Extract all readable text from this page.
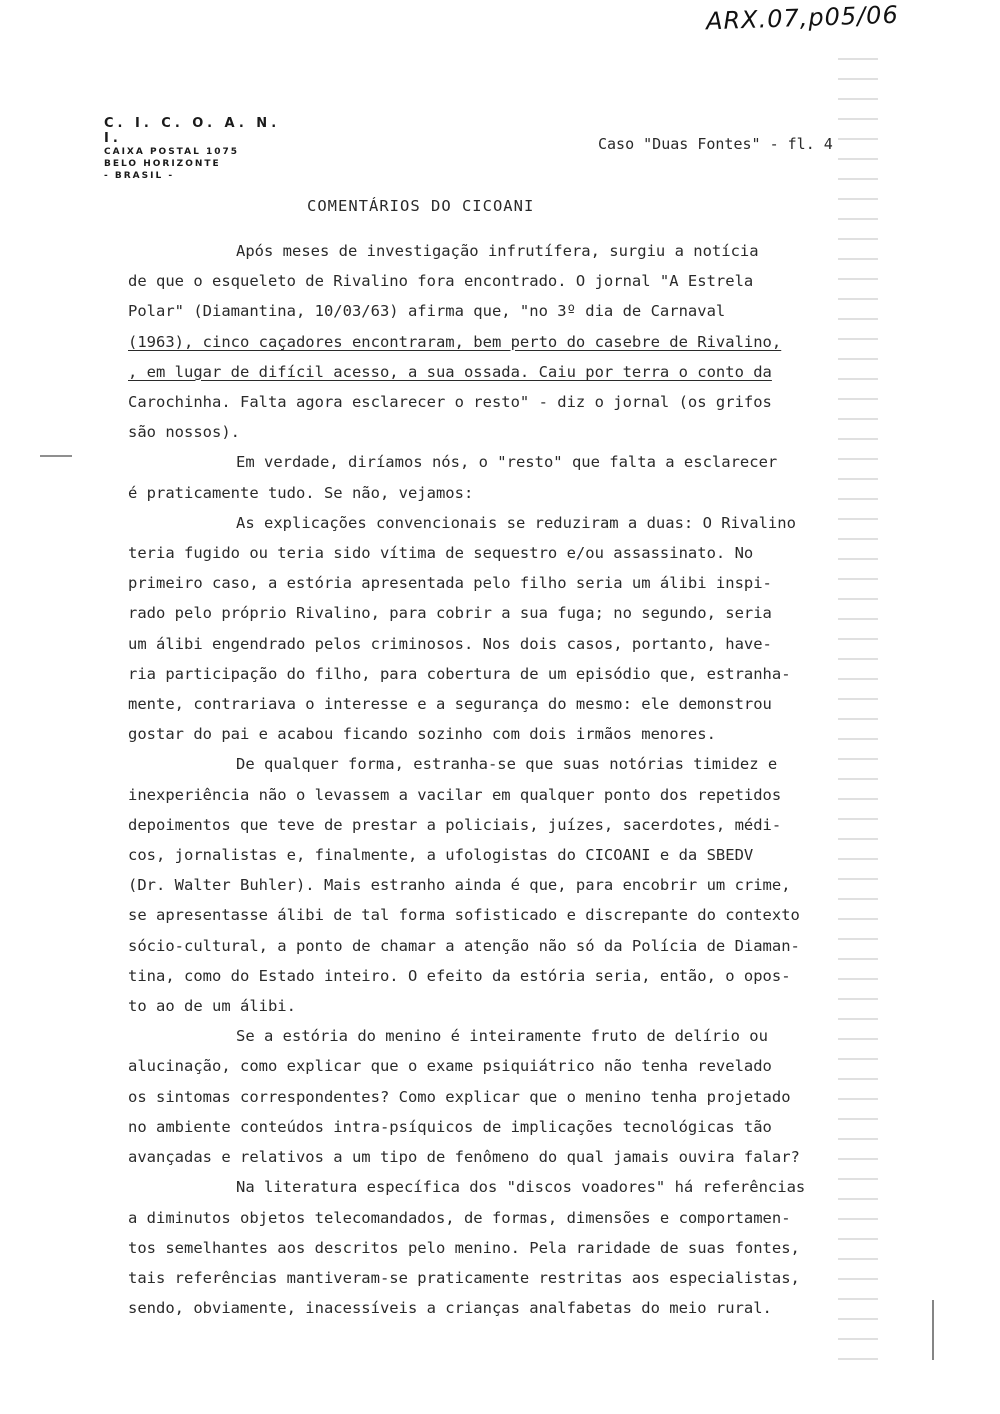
ARX.07,p05/06
C. I. C. O. A. N. I.
CAIXA POSTAL 1075
BELO HORIZONTE
- BRASIL -
Caso "Duas Fontes" - fl. 4
COMENTÁRIOS DO CICOANI

Após meses de investigação infrutífera, surgiu a notícia
de que o esqueleto de Rivalino fora encontrado. O jornal "A Estrela
Polar" (Diamantina, 10/03/63) afirma que, "no 3º dia de Carnaval
(1963), cinco caçadores encontraram, bem perto do casebre de Rivalino,
, em lugar de difícil acesso, a sua ossada. Caiu por terra o conto da
Carochinha. Falta agora esclarecer o resto" - diz o jornal (os grifos
são nossos).

Em verdade, diríamos nós, o "resto" que falta a esclarecer
é praticamente tudo. Se não, vejamos:

As explicações convencionais se reduziram a duas: O Rivalino
teria fugido ou teria sido vítima de sequestro e/ou assassinato. No
primeiro caso, a estória apresentada pelo filho seria um álibi inspi-
rado pelo próprio Rivalino, para cobrir a sua fuga; no segundo, seria
um álibi engendrado pelos criminosos. Nos dois casos, portanto, have-
ria participação do filho, para cobertura de um episódio que, estranha-
mente, contrariava o interesse e a segurança do mesmo: ele demonstrou
gostar do pai e acabou ficando sozinho com dois irmãos menores.

De qualquer forma, estranha-se que suas notórias timidez e
inexperiência não o levassem a vacilar em qualquer ponto dos repetidos
depoimentos que teve de prestar a policiais, juízes, sacerdotes, médi-
cos, jornalistas e, finalmente, a ufologistas do CICOANI e da SBEDV
(Dr. Walter Buhler). Mais estranho ainda é que, para encobrir um crime,
se apresentasse álibi de tal forma sofisticado e discrepante do contexto
sócio-cultural, a ponto de chamar a atenção não só da Polícia de Diaman-
tina, como do Estado inteiro. O efeito da estória seria, então, o opos-
to ao de um álibi.

Se a estória do menino é inteiramente fruto de delírio ou
alucinação, como explicar que o exame psiquiátrico não tenha revelado
os sintomas correspondentes? Como explicar que o menino tenha projetado
no ambiente conteúdos intra-psíquicos de implicações tecnológicas tão
avançadas e relativos a um tipo de fenômeno do qual jamais ouvira falar?

Na literatura específica dos "discos voadores" há referências
a diminutos objetos telecomandados, de formas, dimensões e comportamen-
tos semelhantes aos descritos pelo menino. Pela raridade de suas fontes,
tais referências mantiveram-se praticamente restritas aos especialistas,
sendo, obviamente, inacessíveis a crianças analfabetas do meio rural.
